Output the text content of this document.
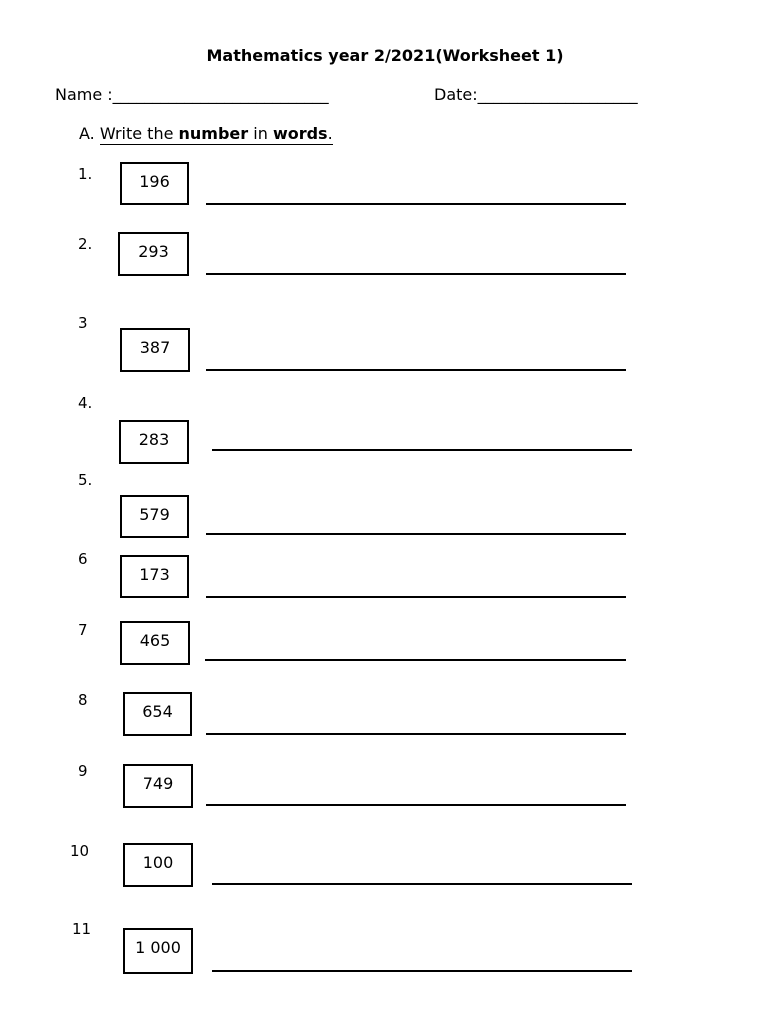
Mathematics year 2/2021(Worksheet 1)
Name :___________________________	Date:____________________
A. Write the number in words.
1.	196
2.	293
3
387
4.
283
5.
579
6
173
7
465
8
654
9
749
10
100
11
1 000
